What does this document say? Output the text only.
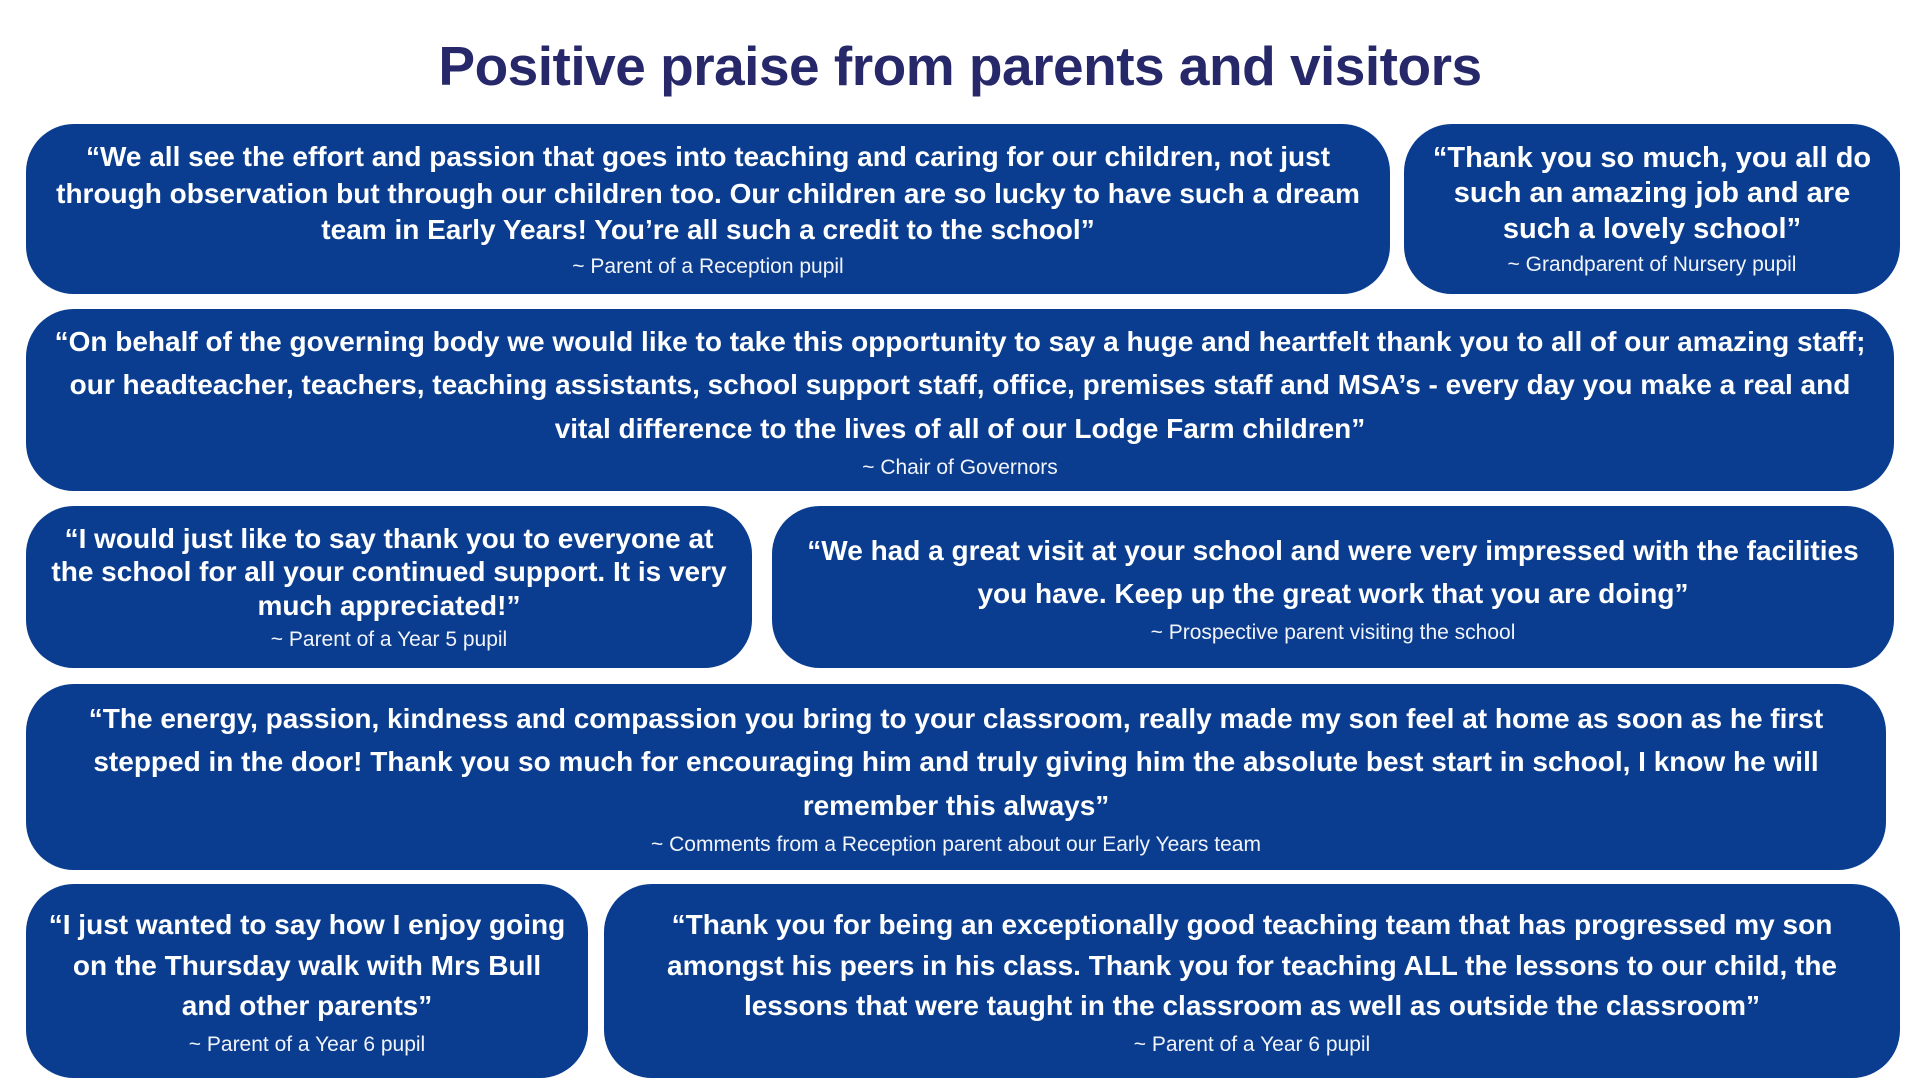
Positive praise from parents and visitors
“We all see the effort and passion that goes into teaching and caring for our children, not just through observation but through our children too. Our children are so lucky to have such a dream team in Early Years! You’re all such a credit to the school”
~ Parent of a Reception pupil
“Thank you so much, you all do such an amazing job and are such a lovely school”
~ Grandparent of Nursery pupil
“On behalf of the governing body we would like to take this opportunity to say a huge and heartfelt thank you to all of our amazing staff; our headteacher, teachers, teaching assistants, school support staff, office, premises staff and MSA’s - every day you make a real and vital difference to the lives of all of our Lodge Farm children”
~ Chair of Governors
“I would just like to say thank you to everyone at the school for all your continued support. It is very much appreciated!”
~ Parent of a Year 5 pupil
“We had a great visit at your school and were very impressed with the facilities you have. Keep up the great work that you are doing”
~ Prospective parent visiting the school
“The energy, passion, kindness and compassion you bring to your classroom, really made my son feel at home as soon as he first stepped in the door! Thank you so much for encouraging him and truly giving him the absolute best start in school, I know he will remember this always”
~ Comments from a Reception parent about our Early Years team
“I just wanted to say how I enjoy going on the Thursday walk with Mrs Bull and other parents”
~ Parent of a Year 6 pupil
“Thank you for being an exceptionally good teaching team that has progressed my son amongst his peers in his class. Thank you for teaching ALL the lessons to our child, the lessons that were taught in the classroom as well as outside the classroom”
~ Parent of a Year 6 pupil
